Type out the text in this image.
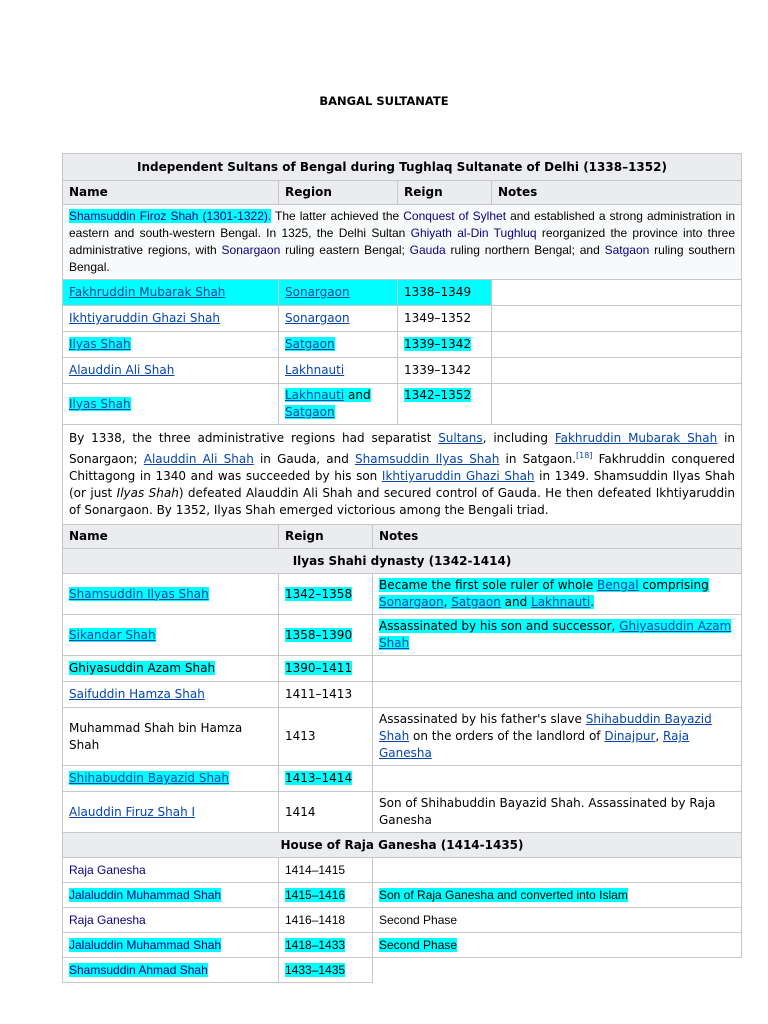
BANGAL SULTANATE
Independent Sultans of Bengal during Tughlaq Sultanate of Delhi (1338–1352)				
Name	Region		Reign	Notes
Shamsuddin Firoz Shah (1301-1322). The latter achieved the Conquest of Sylhet and established a strong administration in eastern and south-western Bengal. In 1325, the Delhi Sultan Ghiyath al-Din Tughluq reorganized the province into three administrative regions, with Sonargaon ruling eastern Bengal; Gauda ruling northern Bengal; and Satgaon ruling southern Bengal.				
Fakhruddin Mubarak Shah	Sonargaon		1338–1349	
Ikhtiyaruddin Ghazi Shah	Sonargaon		1349–1352	
Ilyas Shah	Satgaon		1339–1342	
Alauddin Ali Shah	Lakhnauti		1339–1342	
Ilyas Shah	Lakhnauti and Satgaon		1342–1352	
By 1338, the three administrative regions had separatist Sultans, including Fakhruddin Mubarak Shah in Sonargaon; Alauddin Ali Shah in Gauda, and Shamsuddin Ilyas Shah in Satgaon.[18] Fakhruddin conquered Chittagong in 1340 and was succeeded by his son Ikhtiyaruddin Ghazi Shah in 1349. Shamsuddin Ilyas Shah (or just Ilyas Shah) defeated Alauddin Ali Shah and secured control of Gauda. He then defeated Ikhtiyaruddin of Sonargaon. By 1352, Ilyas Shah emerged victorious among the Bengali triad.				
Name	Reign	Notes		
Ilyas Shahi dynasty (1342-1414)				
Shamsuddin Ilyas Shah	1342–1358	Became the first sole ruler of whole Bengal comprising Sonargaon, Satgaon and Lakhnauti.		
Sikandar Shah	1358–1390	Assassinated by his son and successor, Ghiyasuddin Azam Shah		
Ghiyasuddin Azam Shah	1390–1411			
Saifuddin Hamza Shah	1411–1413			
Muhammad Shah bin Hamza Shah	1413	Assassinated by his father's slave Shihabuddin Bayazid Shah on the orders of the landlord of Dinajpur, Raja Ganesha		
Shihabuddin Bayazid Shah	1413–1414			
Alauddin Firuz Shah I	1414	Son of Shihabuddin Bayazid Shah. Assassinated by Raja Ganesha		
House of Raja Ganesha (1414-1435)				
Raja Ganesha	1414–1415			
Jalaluddin Muhammad Shah	1415–1416	Son of Raja Ganesha and converted into Islam		
Raja Ganesha	1416–1418	Second Phase		
Jalaluddin Muhammad Shah	1418–1433	Second Phase		
Shamsuddin Ahmad Shah	1433–1435			
